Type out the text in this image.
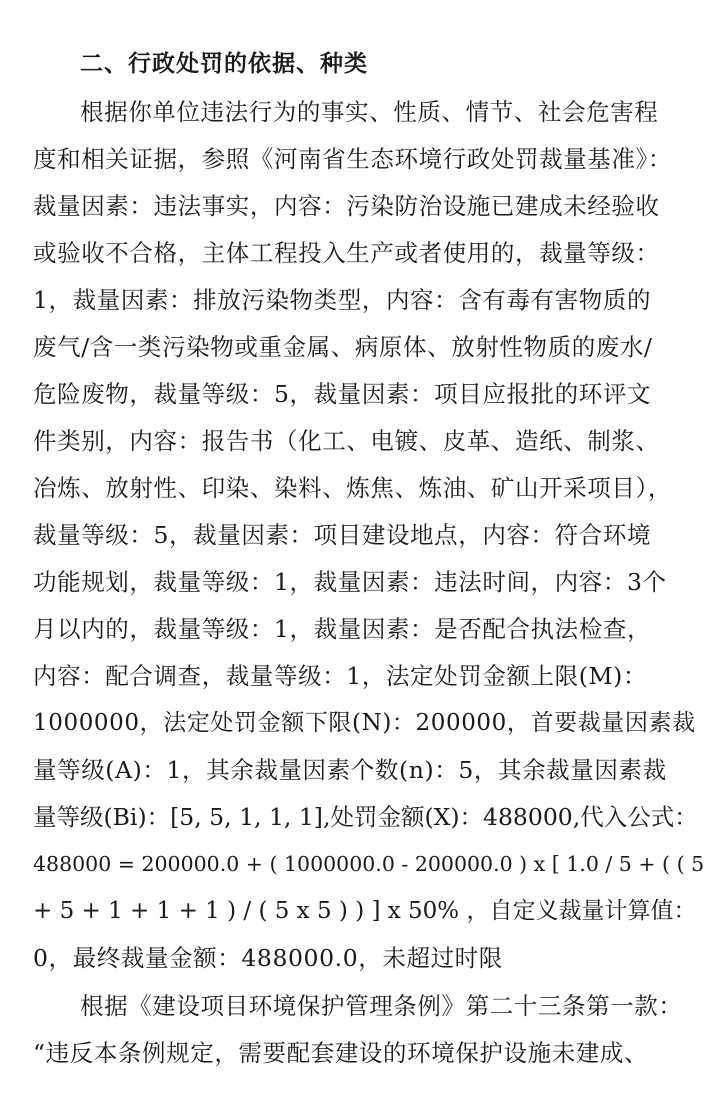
二、行政处罚的依据、种类
根据你单位违法行为的事实、性质、情节、社会危害程
度和相关证据，参照《河南省生态环境行政处罚裁量基准》：
裁量因素：违法事实，内容：污染防治设施已建成未经验收
或验收不合格，主体工程投入生产或者使用的，裁量等级：
1，裁量因素：排放污染物类型，内容：含有毒有害物质的
废气/含一类污染物或重金属、病原体、放射性物质的废水/
危险废物，裁量等级：5，裁量因素：项目应报批的环评文
件类别，内容：报告书（化工、电镀、皮革、造纸、制浆、
冶炼、放射性、印染、染料、炼焦、炼油、矿山开采项目），
裁量等级：5，裁量因素：项目建设地点，内容：符合环境
功能规划，裁量等级：1，裁量因素：违法时间，内容：3个
月以内的，裁量等级：1，裁量因素：是否配合执法检查，
内容：配合调查，裁量等级：1，法定处罚金额上限(M)：
1000000，法定处罚金额下限(N)：200000，首要裁量因素裁
量等级(A)：1，其余裁量因素个数(n)：5，其余裁量因素裁
量等级(Bi)：[5, 5, 1, 1, 1],处罚金额(X)：488000,代入公式：
488000 = 200000.0 + ( 1000000.0 - 200000.0 ) x [ 1.0 / 5 + ( ( 5
+ 5 + 1 + 1 + 1 ) / ( 5 x 5 ) ) ] x 50% ，自定义裁量计算值：
0，最终裁量金额：488000.0，未超过时限
根据《建设项目环境保护管理条例》第二十三条第一款：
“违反本条例规定，需要配套建设的环境保护设施未建成、
